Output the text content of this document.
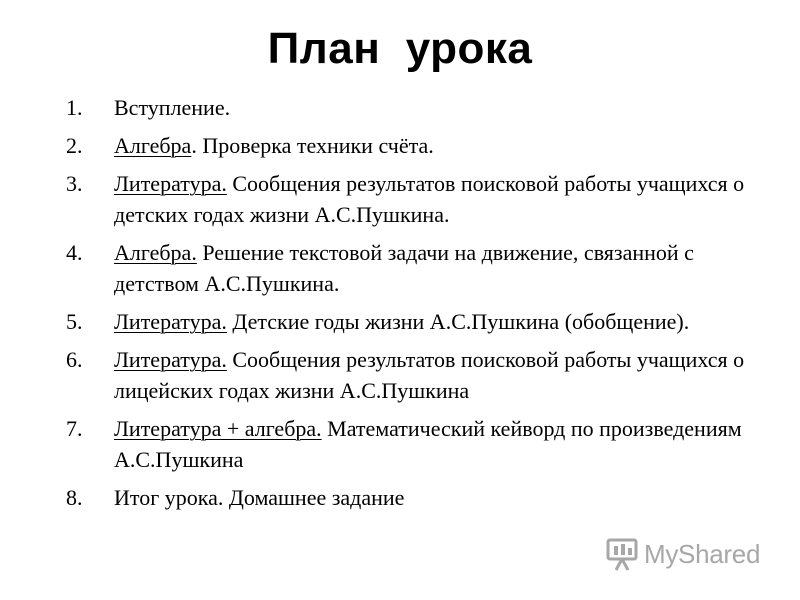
План  урока
1.	Вступление.
2.	Алгебра. Проверка техники счёта.
3.	Литература. Сообщения результатов поисковой работы учащихся о детских годах жизни А.С.Пушкина.
4.	Алгебра. Решение текстовой задачи на движение, связанной с детством А.С.Пушкина.
5.	Литература. Детские годы жизни А.С.Пушкина (обобщение).
6.	Литература. Сообщения результатов поисковой работы учащихся о лицейских годах жизни А.С.Пушкина
7.	Литература + алгебра. Математический кейворд по произведениям А.С.Пушкина
8.	Итог урока. Домашнее задание
MyShared
